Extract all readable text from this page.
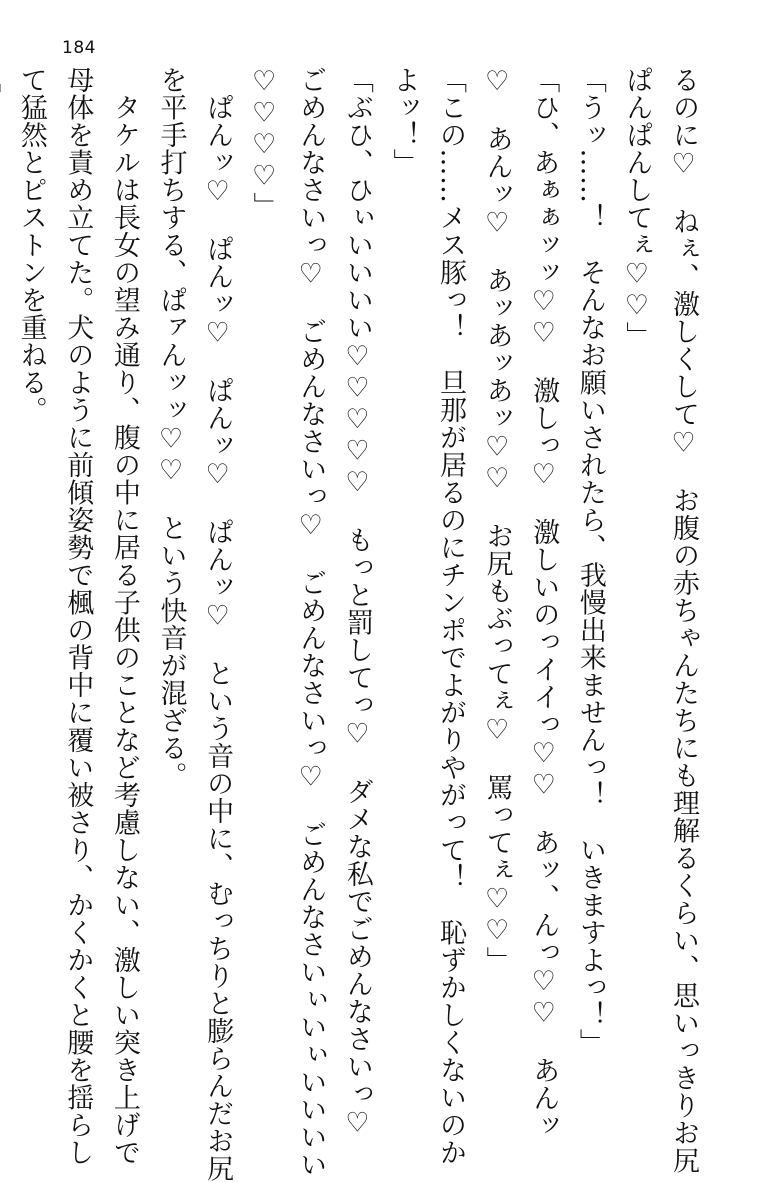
184
るのに♡　ねぇ、激しくして♡　お腹の赤ちゃんたちにも理解るくらい、思いっきりお尻
ぱんぱんしてぇ♡♡」
「うッ……！　そんなお願いされたら、我慢出来ませんっ！　いきますよっ！」
「ひ、あぁぁッッ♡♡　激しっ♡　激しいのっイイっ♡♡　あッ、んっ♡♡　あんッ
♡　あんッ♡　あッあッあッ♡♡　お尻もぶってぇ♡　罵ってぇ♡♡」
「この……メス豚っ！　旦那が居るのにチンポでよがりやがって！　恥ずかしくないのか
よッ！」
「ぶひ、ひぃいいいい♡♡♡♡♡　もっと罰してっ♡　ダメな私でごめんなさいっ♡
ごめんなさいっ♡　ごめんなさいっ♡　ごめんなさいっ♡　ごめんなさいぃいぃいいいい
♡♡♡♡」
　ぱんッ♡　ぱんッ♡　ぱんッ♡　ぱんッ♡　という音の中に、むっちりと膨らんだお尻
を平手打ちする、ぱァんッッ♡♡　という快音が混ざる。
　タケルは長女の望み通り、腹の中に居る子供のことなど考慮しない、激しい突き上げで
母体を責め立てた。犬のように前傾姿勢で楓の背中に覆い被さり、かくかくと腰を揺らし
て猛然とピストンを重ねる。
